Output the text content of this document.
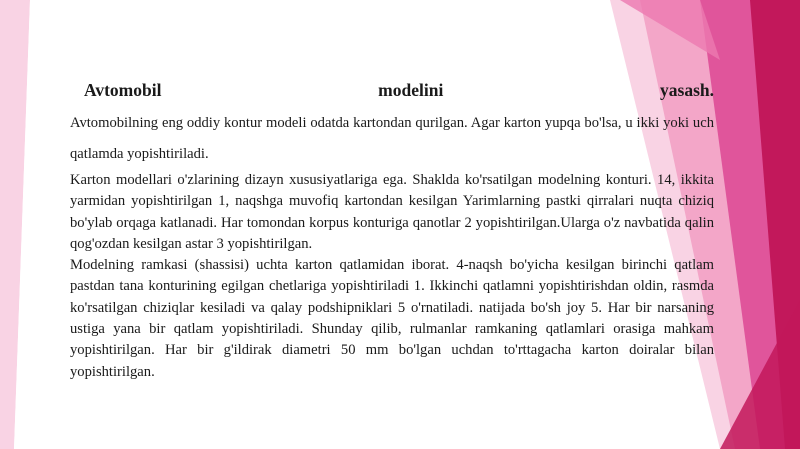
Avtomobil	modelini	yasash.

Avtomobilning eng oddiy kontur modeli odatda kartondan qurilgan. Agar karton yupqa bo'lsa, u ikki yoki uch qatlamda yopishtiriladi.

Karton modellari o'zlarining dizayn xususiyatlariga ega. Shaklda ko'rsatilgan modelning konturi. 14, ikkita yarmidan yopishtirilgan 1, naqshga muvofiq kartondan kesilgan Yarimlarning pastki qirralari nuqta chiziq bo'ylab orqaga katlanadi. Har tomondan korpus konturiga qanotlar 2 yopishtirilgan.Ularga o'z navbatida qalin qog'ozdan kesilgan astar 3 yopishtirilgan.

Modelning ramkasi (shassisi) uchta karton qatlamidan iborat. 4-naqsh bo'yicha kesilgan birinchi qatlam pastdan tana konturining egilgan chetlariga yopishtiriladi 1. Ikkinchi qatlamni yopishtirishdan oldin, rasmda ko'rsatilgan chiziqlar kesiladi va qalay podshipniklari 5 o'rnatiladi. natijada bo'sh joy 5. Har bir narsaning ustiga yana bir qatlam yopishtiriladi. Shunday qilib, rulmanlar ramkaning qatlamlari orasiga mahkam yopishtirilgan. Har bir g'ildirak diametri 50 mm bo'lgan uchdan to'rttagacha karton doiralar bilan yopishtirilgan.
